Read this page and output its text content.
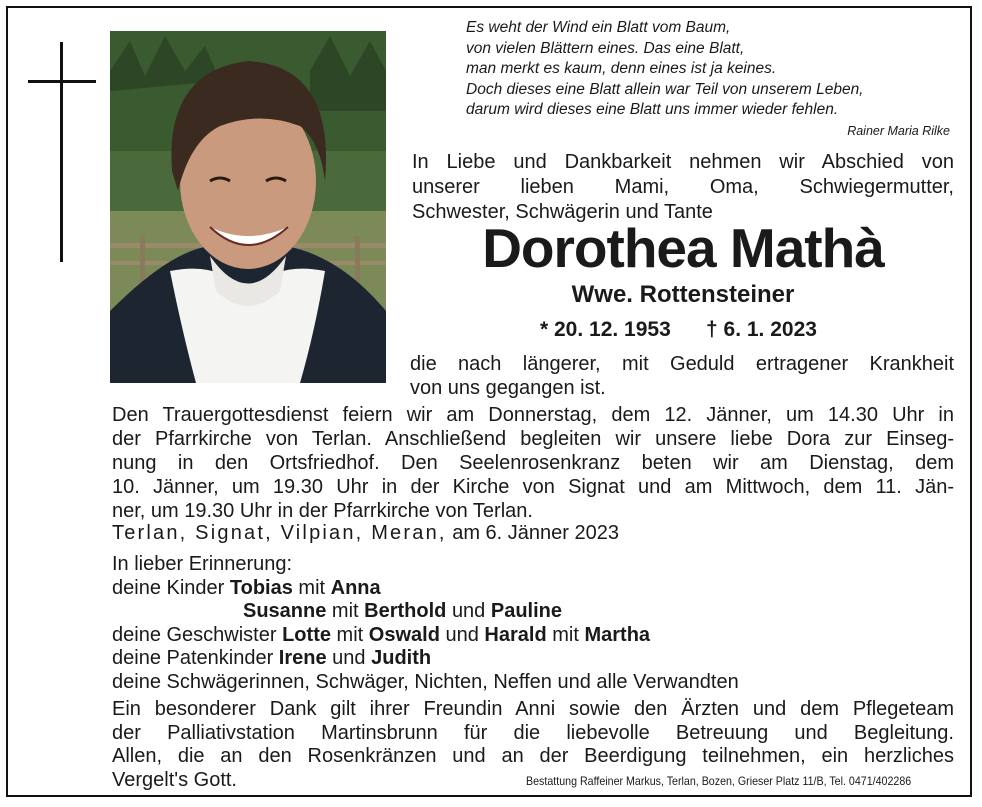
Es weht der Wind ein Blatt vom Baum,
von vielen Blättern eines. Das eine Blatt,
man merkt es kaum, denn eines ist ja keines.
Doch dieses eine Blatt allein war Teil von unserem Leben,
darum wird dieses eine Blatt uns immer wieder fehlen.
Rainer Maria Rilke
In Liebe und Dankbarkeit nehmen wir Abschied von
unserer lieben Mami, Oma, Schwiegermutter,
Schwester, Schwägerin und Tante
Dorothea Mathà
Wwe. Rottensteiner
* 20. 12. 1953 † 6. 1. 2023
die nach längerer, mit Geduld ertragener Krankheit
von uns gegangen ist.
Den Trauergottesdienst feiern wir am Donnerstag, dem 12. Jänner, um 14.30 Uhr in
der Pfarrkirche von Terlan. Anschließend begleiten wir unsere liebe Dora zur Einseg-
nung in den Ortsfriedhof. Den Seelenrosenkranz beten wir am Dienstag, dem
10. Jänner, um 19.30 Uhr in der Kirche von Signat und am Mittwoch, dem 11. Jän-
ner, um 19.30 Uhr in der Pfarrkirche von Terlan.
Terlan, Signat, Vilpian, Meran, am 6. Jänner 2023
In lieber Erinnerung:
deine Kinder Tobias mit Anna
Susanne mit Berthold und Pauline
deine Geschwister Lotte mit Oswald und Harald mit Martha
deine Patenkinder Irene und Judith
deine Schwägerinnen, Schwäger, Nichten, Neffen und alle Verwandten
Ein besonderer Dank gilt ihrer Freundin Anni sowie den Ärzten und dem Pflegeteam
der Palliativstation Martinsbrunn für die liebevolle Betreuung und Begleitung.
Allen, die an den Rosenkränzen und an der Beerdigung teilnehmen, ein herzliches
Vergelt's Gott.	Bestattung Raffeiner Markus, Terlan, Bozen, Grieser Platz 11/B, Tel. 0471/402286
